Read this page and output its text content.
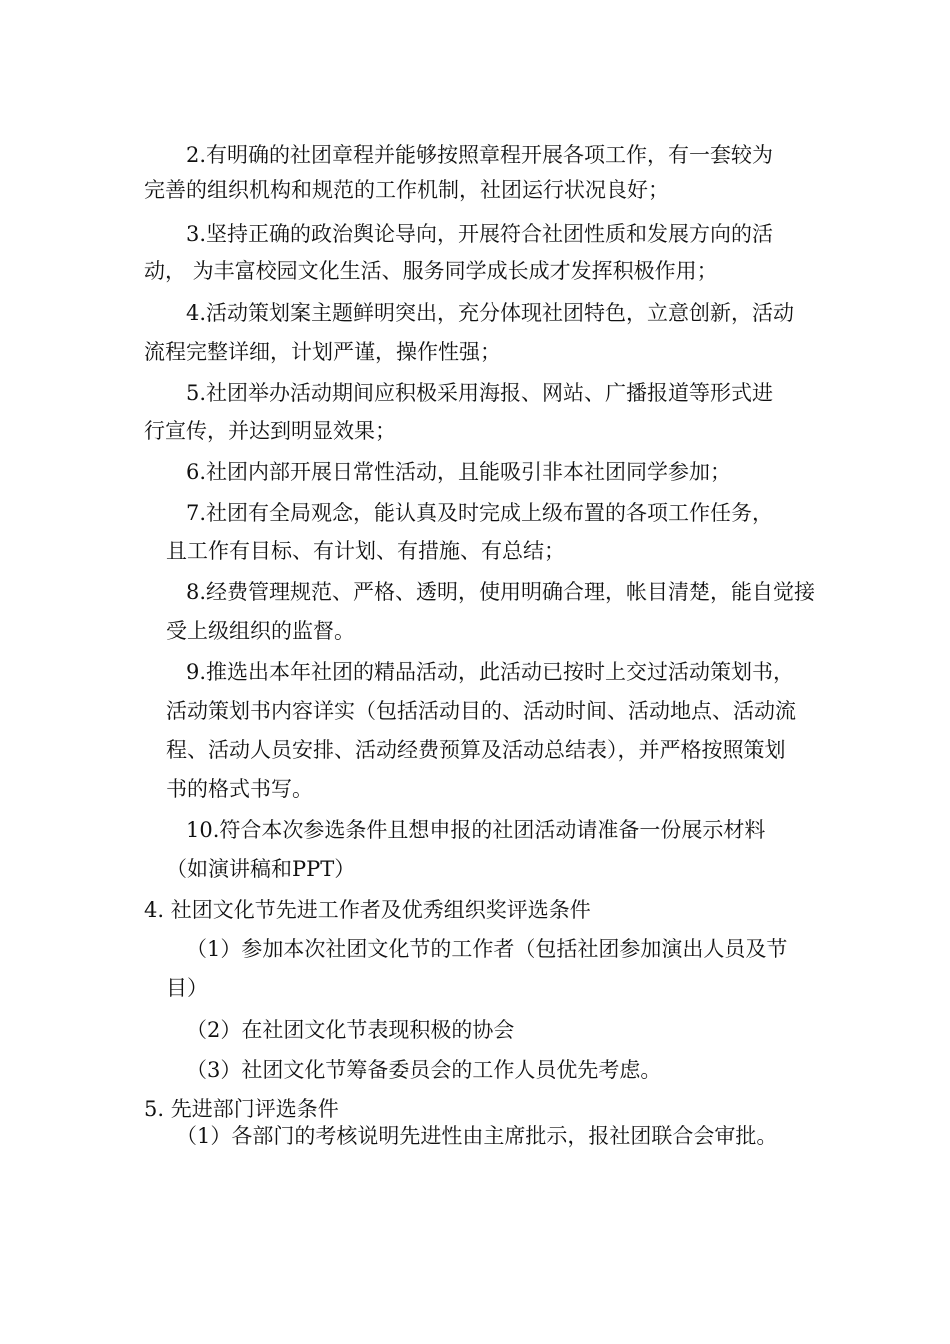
2.有明确的社团章程并能够按照章程开展各项工作，有一套较为

完善的组织机构和规范的工作机制，社团运行状况良好；

3.坚持正确的政治舆论导向，开展符合社团性质和发展方向的活

动， 为丰富校园文化生活、服务同学成长成才发挥积极作用；

4.活动策划案主题鲜明突出，充分体现社团特色，立意创新，活动

流程完整详细，计划严谨，操作性强；

5.社团举办活动期间应积极采用海报、网站、广播报道等形式进

行宣传，并达到明显效果；

6.社团内部开展日常性活动，且能吸引非本社团同学参加；

7.社团有全局观念，能认真及时完成上级布置的各项工作任务，

且工作有目标、有计划、有措施、有总结；

8.经费管理规范、严格、透明，使用明确合理，帐目清楚，能自觉接

受上级组织的监督。

9.推选出本年社团的精品活动，此活动已按时上交过活动策划书，

活动策划书内容详实（包括活动目的、活动时间、活动地点、活动流

程、活动人员安排、活动经费预算及活动总结表），并严格按照策划

书的格式书写。

10.符合本次参选条件且想申报的社团活动请准备一份展示材料

（如演讲稿和PPT）

4. 社团文化节先进工作者及优秀组织奖评选条件

（1）参加本次社团文化节的工作者（包括社团参加演出人员及节

目）

（2）在社团文化节表现积极的协会

（3）社团文化节筹备委员会的工作人员优先考虑。

5. 先进部门评选条件

（1）各部门的考核说明先进性由主席批示，报社团联合会审批。
